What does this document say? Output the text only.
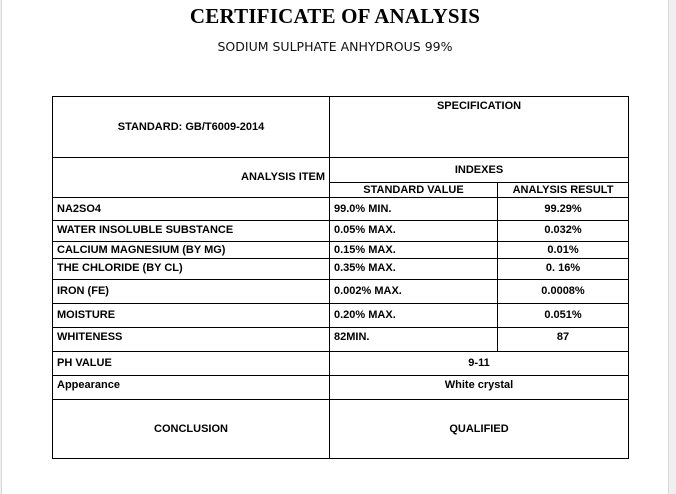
CERTIFICATE OF ANALYSIS
SODIUM SULPHATE ANHYDROUS 99%
STANDARD: GB/T6009-2014	SPECIFICATION	
ANALYSIS ITEM	INDEXES	
	STANDARD VALUE	ANALYSIS RESULT
NA2SO4	99.0% MIN.	99.29%
WATER INSOLUBLE SUBSTANCE	0.05% MAX.	0.032%
CALCIUM MAGNESIUM (BY MG)	0.15% MAX.	0.01%
THE CHLORIDE (BY CL)	0.35% MAX.	0. 16%
IRON (FE)	0.002% MAX.	0.0008%
MOISTURE	0.20% MAX.	0.051%
WHITENESS	82MIN.	87
PH VALUE	9-11	
Appearance	White crystal	
CONCLUSION	QUALIFIED	
